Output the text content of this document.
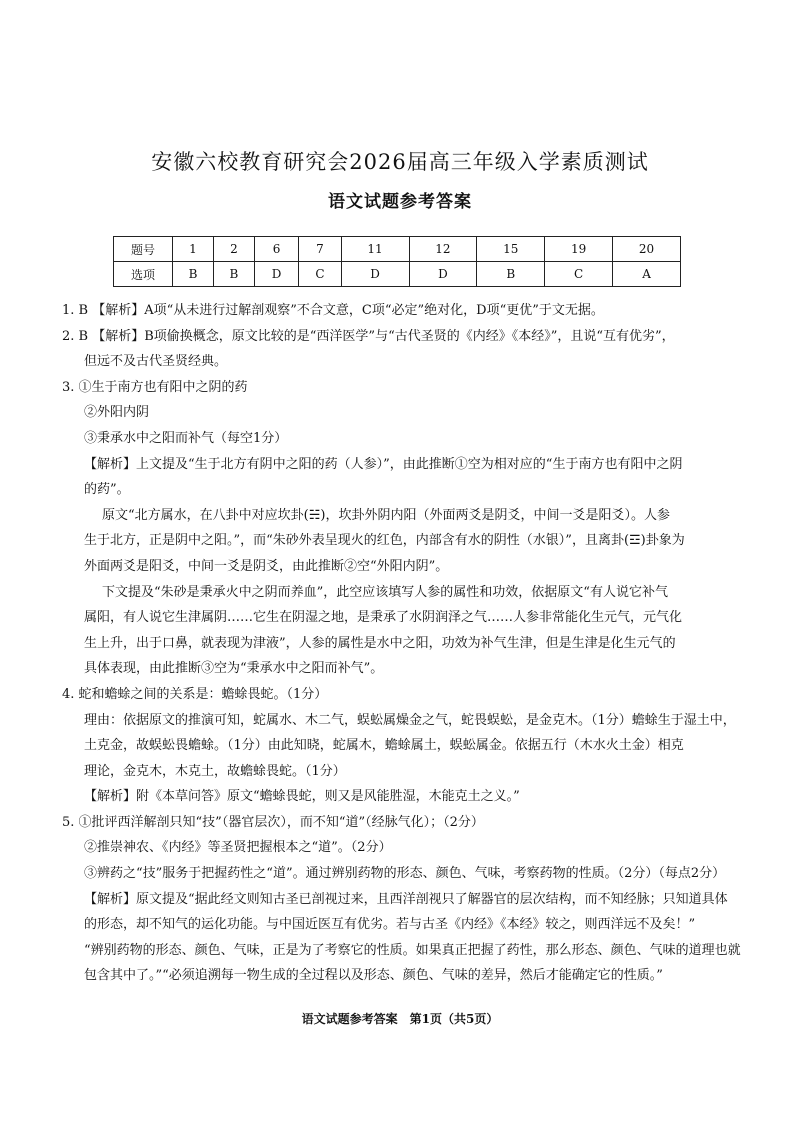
安徽六校教育研究会2026届高三年级入学素质测试
语文试题参考答案
题号	1	2	6	7	11	12	15	19	20
选项	B	B	D	C	D	D	B	C	A
1. B 【解析】A项“从未进行过解剖观察”不合文意，C项“必定”绝对化，D项“更优”于文无据。
2. B 【解析】B项偷换概念，原文比较的是“西洋医学”与“古代圣贤的《内经》《本经》”，且说“互有优劣”，
但远不及古代圣贤经典。
3. ①生于南方也有阳中之阴的药
②外阳内阴
③秉承水中之阳而补气（每空1分）
【解析】上文提及“生于北方有阴中之阳的药（人参）”，由此推断①空为相对应的“生于南方也有阳中之阴
的药”。
原文“北方属水，在八卦中对应坎卦(☵)，坎卦外阴内阳（外面两爻是阴爻，中间一爻是阳爻）。人参
生于北方，正是阴中之阳。”，而“朱砂外表呈现火的红色，内部含有水的阴性（水银）”，且离卦(☲)卦象为
外面两爻是阳爻，中间一爻是阴爻，由此推断②空“外阳内阴”。
下文提及“朱砂是秉承火中之阴而养血”，此空应该填写人参的属性和功效，依据原文“有人说它补气
属阳，有人说它生津属阴……它生在阴湿之地，是秉承了水阴润泽之气……人参非常能化生元气，元气化
生上升，出于口鼻，就表现为津液”，人参的属性是水中之阳，功效为补气生津，但是生津是化生元气的
具体表现，由此推断③空为“秉承水中之阳而补气”。
4. 蛇和蟾蜍之间的关系是：蟾蜍畏蛇。（1分）
理由：依据原文的推演可知，蛇属水、木二气，蜈蚣属燥金之气，蛇畏蜈蚣，是金克木。（1分）蟾蜍生于湿土中，
土克金，故蜈蚣畏蟾蜍。（1分）由此知晓，蛇属木，蟾蜍属土，蜈蚣属金。依据五行（木水火土金）相克
理论，金克木，木克土，故蟾蜍畏蛇。（1分）
【解析】附《本草问答》原文“蟾蜍畏蛇，则又是风能胜湿，木能克土之义。”
5. ①批评西洋解剖只知“技”（器官层次），而不知“道”（经脉气化）；（2分）
②推崇神农、《内经》等圣贤把握根本之“道”。（2分）
③辨药之“技”服务于把握药性之“道”。通过辨别药物的形态、颜色、气味，考察药物的性质。（2分）（每点2分）
【解析】原文提及“据此经文则知古圣已剖视过来，且西洋剖视只了解器官的层次结构，而不知经脉；只知道具体
的形态，却不知气的运化功能。与中国近医互有优劣。若与古圣《内经》《本经》较之，则西洋远不及矣！”
“辨别药物的形态、颜色、气味，正是为了考察它的性质。如果真正把握了药性，那么形态、颜色、气味的道理也就
包含其中了。”“必须追溯每一物生成的全过程以及形态、颜色、气味的差异，然后才能确定它的性质。”
语文试题参考答案　第1页（共5页）
